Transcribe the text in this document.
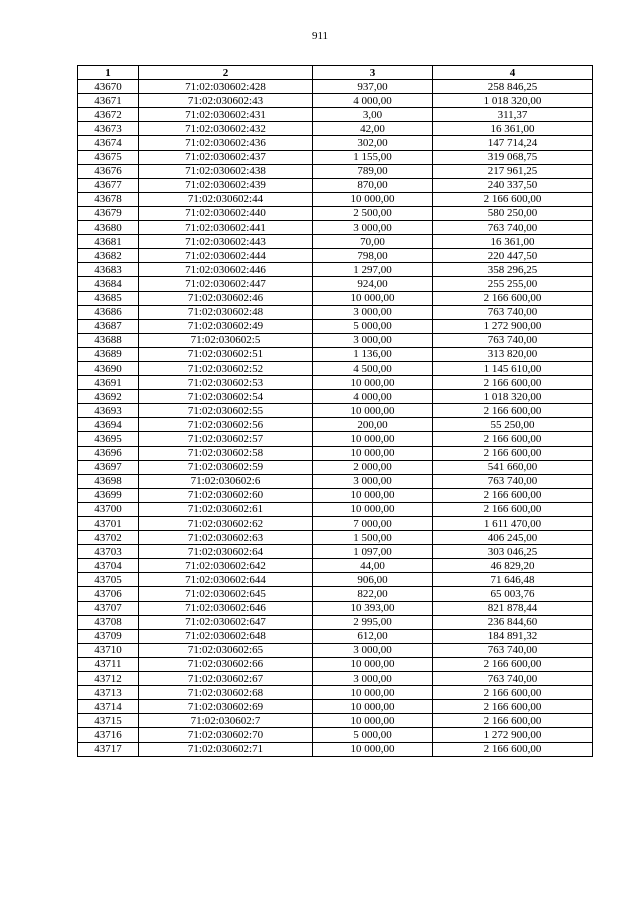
911
1	2	3	4
43670	71:02:030602:428	937,00	258 846,25
43671	71:02:030602:43	4 000,00	1 018 320,00
43672	71:02:030602:431	3,00	311,37
43673	71:02:030602:432	42,00	16 361,00
43674	71:02:030602:436	302,00	147 714,24
43675	71:02:030602:437	1 155,00	319 068,75
43676	71:02:030602:438	789,00	217 961,25
43677	71:02:030602:439	870,00	240 337,50
43678	71:02:030602:44	10 000,00	2 166 600,00
43679	71:02:030602:440	2 500,00	580 250,00
43680	71:02:030602:441	3 000,00	763 740,00
43681	71:02:030602:443	70,00	16 361,00
43682	71:02:030602:444	798,00	220 447,50
43683	71:02:030602:446	1 297,00	358 296,25
43684	71:02:030602:447	924,00	255 255,00
43685	71:02:030602:46	10 000,00	2 166 600,00
43686	71:02:030602:48	3 000,00	763 740,00
43687	71:02:030602:49	5 000,00	1 272 900,00
43688	71:02:030602:5	3 000,00	763 740,00
43689	71:02:030602:51	1 136,00	313 820,00
43690	71:02:030602:52	4 500,00	1 145 610,00
43691	71:02:030602:53	10 000,00	2 166 600,00
43692	71:02:030602:54	4 000,00	1 018 320,00
43693	71:02:030602:55	10 000,00	2 166 600,00
43694	71:02:030602:56	200,00	55 250,00
43695	71:02:030602:57	10 000,00	2 166 600,00
43696	71:02:030602:58	10 000,00	2 166 600,00
43697	71:02:030602:59	2 000,00	541 660,00
43698	71:02:030602:6	3 000,00	763 740,00
43699	71:02:030602:60	10 000,00	2 166 600,00
43700	71:02:030602:61	10 000,00	2 166 600,00
43701	71:02:030602:62	7 000,00	1 611 470,00
43702	71:02:030602:63	1 500,00	406 245,00
43703	71:02:030602:64	1 097,00	303 046,25
43704	71:02:030602:642	44,00	46 829,20
43705	71:02:030602:644	906,00	71 646,48
43706	71:02:030602:645	822,00	65 003,76
43707	71:02:030602:646	10 393,00	821 878,44
43708	71:02:030602:647	2 995,00	236 844,60
43709	71:02:030602:648	612,00	184 891,32
43710	71:02:030602:65	3 000,00	763 740,00
43711	71:02:030602:66	10 000,00	2 166 600,00
43712	71:02:030602:67	3 000,00	763 740,00
43713	71:02:030602:68	10 000,00	2 166 600,00
43714	71:02:030602:69	10 000,00	2 166 600,00
43715	71:02:030602:7	10 000,00	2 166 600,00
43716	71:02:030602:70	5 000,00	1 272 900,00
43717	71:02:030602:71	10 000,00	2 166 600,00
